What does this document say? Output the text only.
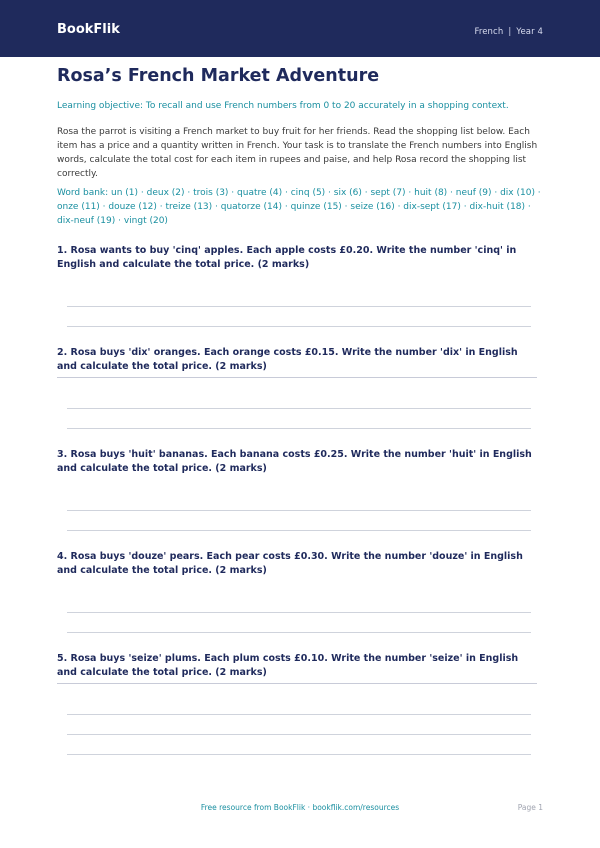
BookFlik	French | Year 4
Rosa’s French Market Adventure

Learning objective: To recall and use French numbers from 0 to 20 accurately in a shopping context.

Rosa the parrot is visiting a French market to buy fruit for her friends. Read the shopping list below. Each item has a price and a quantity written in French. Your task is to translate the French numbers into English words, calculate the total cost for each item in rupees and paise, and help Rosa record the shopping list correctly.

Word bank: un (1) · deux (2) · trois (3) · quatre (4) · cinq (5) · six (6) · sept (7) · huit (8) · neuf (9) · dix (10) · onze (11) · douze (12) · treize (13) · quatorze (14) · quinze (15) · seize (16) · dix-sept (17) · dix-huit (18) · dix-neuf (19) · vingt (20)

1. Rosa wants to buy 'cinq' apples. Each apple costs £0.20. Write the number 'cinq' in English and calculate the total price. (2 marks)
2. Rosa buys 'dix' oranges. Each orange costs £0.15. Write the number 'dix' in English and calculate the total price. (2 marks)
3. Rosa buys 'huit' bananas. Each banana costs £0.25. Write the number 'huit' in English and calculate the total price. (2 marks)
4. Rosa buys 'douze' pears. Each pear costs £0.30. Write the number 'douze' in English and calculate the total price. (2 marks)
5. Rosa buys 'seize' plums. Each plum costs £0.10. Write the number 'seize' in English and calculate the total price. (2 marks)
Free resource from BookFlik · bookflik.com/resources	Page 1
